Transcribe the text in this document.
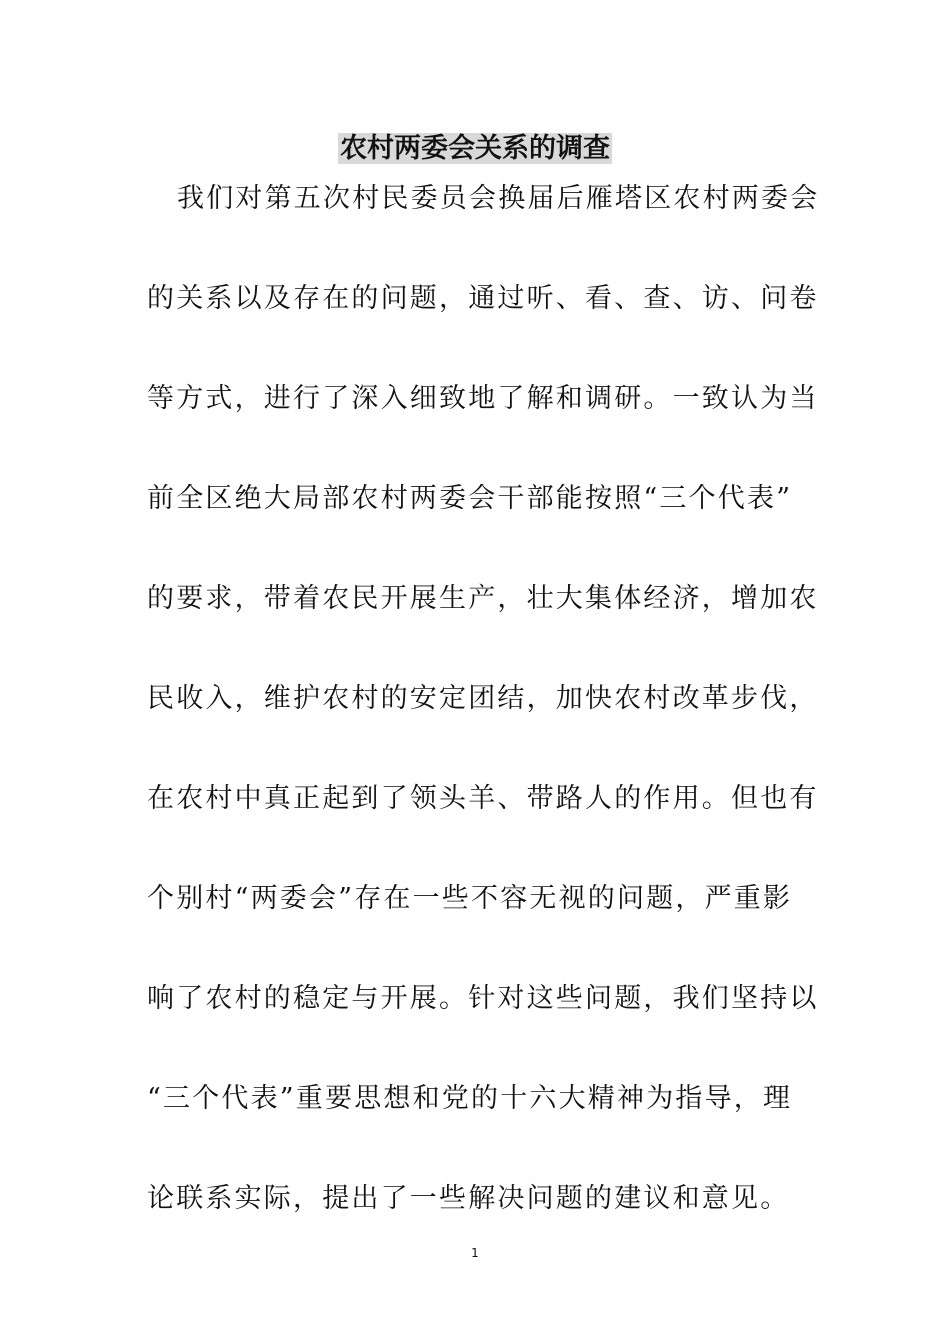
农村两委会关系的调查
我们对第五次村民委员会换届后雁塔区农村两委会
的关系以及存在的问题，通过听、看、查、访、问卷
等方式，进行了深入细致地了解和调研。一致认为当
前全区绝大局部农村两委会干部能按照“三个代表”
的要求，带着农民开展生产，壮大集体经济，增加农
民收入，维护农村的安定团结，加快农村改革步伐，
在农村中真正起到了领头羊、带路人的作用。但也有
个别村“两委会”存在一些不容无视的问题，严重影
响了农村的稳定与开展。针对这些问题，我们坚持以
“三个代表”重要思想和党的十六大精神为指导，理
论联系实际，提出了一些解决问题的建议和意见。
1
